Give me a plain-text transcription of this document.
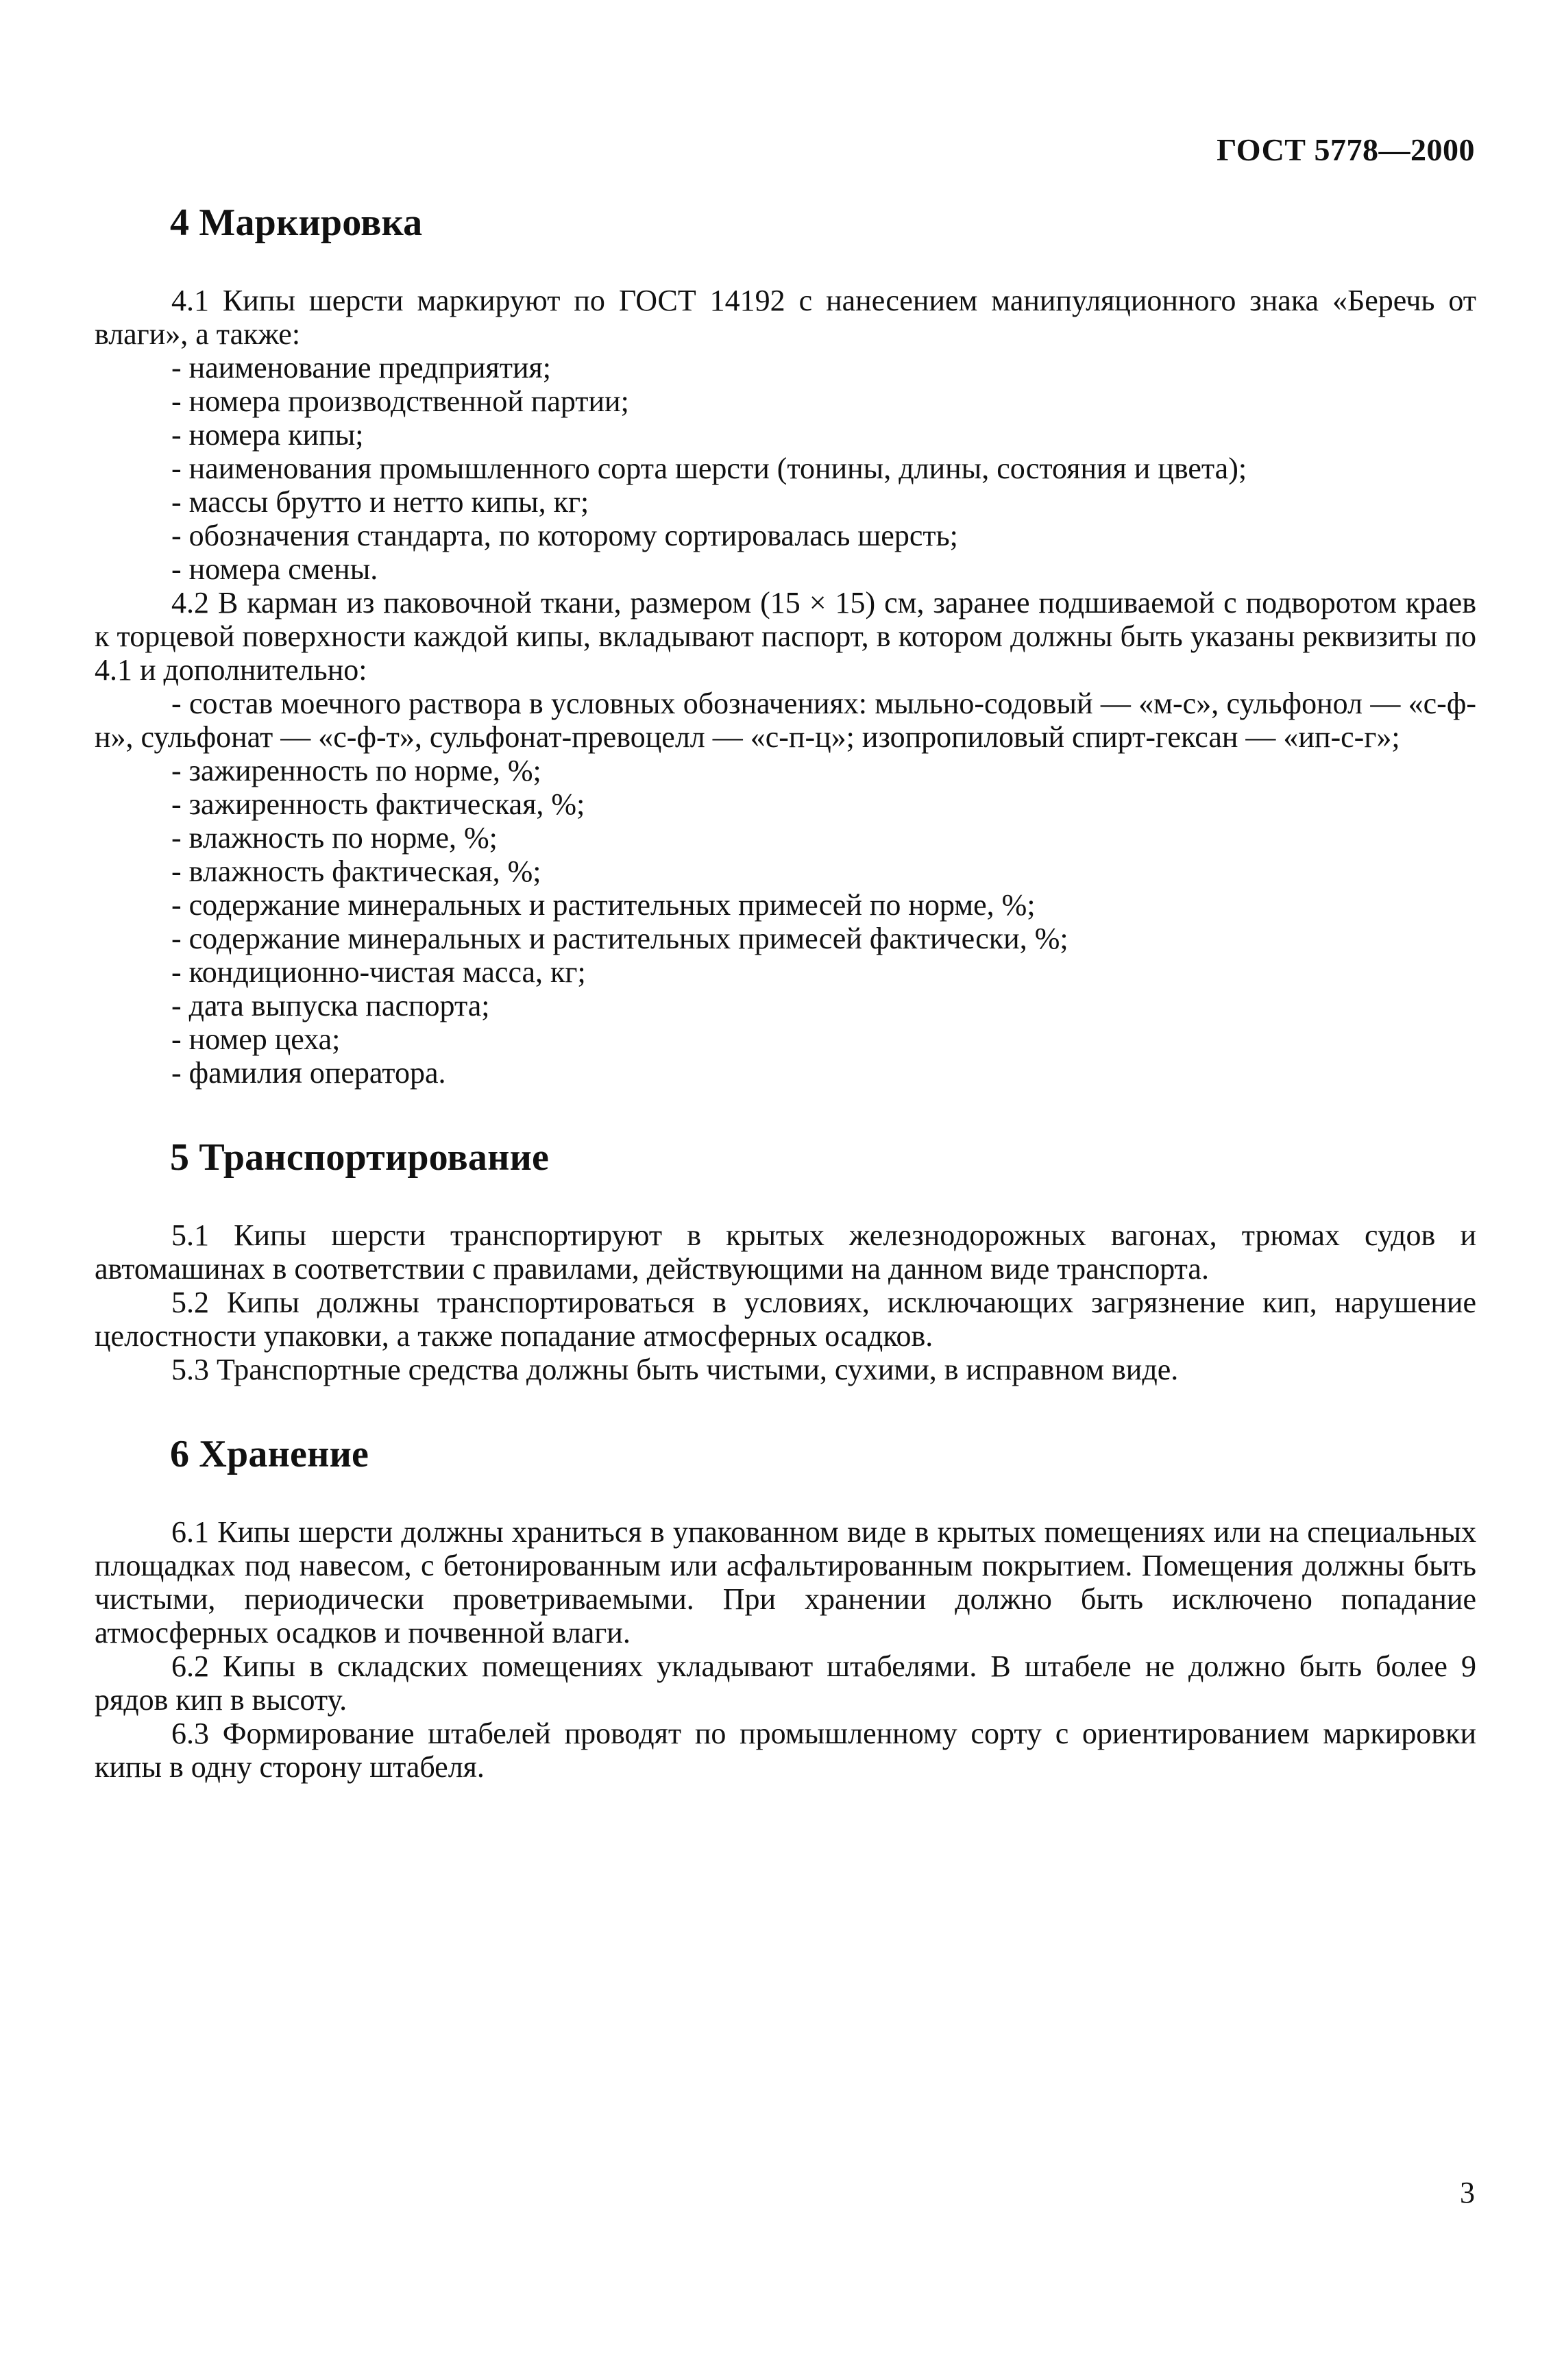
ГОСТ 5778—2000
4 Маркировка

4.1 Кипы шерсти маркируют по ГОСТ 14192 с нанесением манипуляционного знака «Беречь от влаги», а также:

- наименование предприятия;

- номера производственной партии;

- номера кипы;

- наименования промышленного сорта шерсти (тонины, длины, состояния и цвета);

- массы брутто и нетто кипы, кг;

- обозначения стандарта, по которому сортировалась шерсть;

- номера смены.

4.2 В карман из паковочной ткани, размером (15 × 15) см, заранее подшиваемой с подворотом краев к торцевой поверхности каждой кипы, вкладывают паспорт, в котором должны быть указаны реквизиты по 4.1 и дополнительно:

- состав моечного раствора в условных обозначениях: мыльно-содовый — «м-с», сульфонол — «с-ф-н», сульфонат — «с-ф-т», сульфонат-превоцелл — «с-п-ц»; изопропиловый спирт-гексан — «ип-с-г»;

- зажиренность по норме, %;

- зажиренность фактическая, %;

- влажность по норме, %;

- влажность фактическая, %;

- содержание минеральных и растительных примесей по норме, %;

- содержание минеральных и растительных примесей фактически, %;

- кондиционно-чистая масса, кг;

- дата выпуска паспорта;

- номер цеха;

- фамилия оператора.

5 Транспортирование

5.1 Кипы шерсти транспортируют в крытых железнодорожных вагонах, трюмах судов и автомашинах в соответствии с правилами, действующими на данном виде транспорта.

5.2 Кипы должны транспортироваться в условиях, исключающих загрязнение кип, нарушение целостности упаковки, а также попадание атмосферных осадков.

5.3 Транспортные средства должны быть чистыми, сухими, в исправном виде.

6 Хранение

6.1 Кипы шерсти должны храниться в упакованном виде в крытых помещениях или на специальных площадках под навесом, с бетонированным или асфальтированным покрытием. Помещения должны быть чистыми, периодически проветриваемыми. При хранении должно быть исключено попадание атмосферных осадков и почвенной влаги.

6.2 Кипы в складских помещениях укладывают штабелями. В штабеле не должно быть более 9 рядов кип в высоту.

6.3 Формирование штабелей проводят по промышленному сорту с ориентированием маркировки кипы в одну сторону штабеля.

3
